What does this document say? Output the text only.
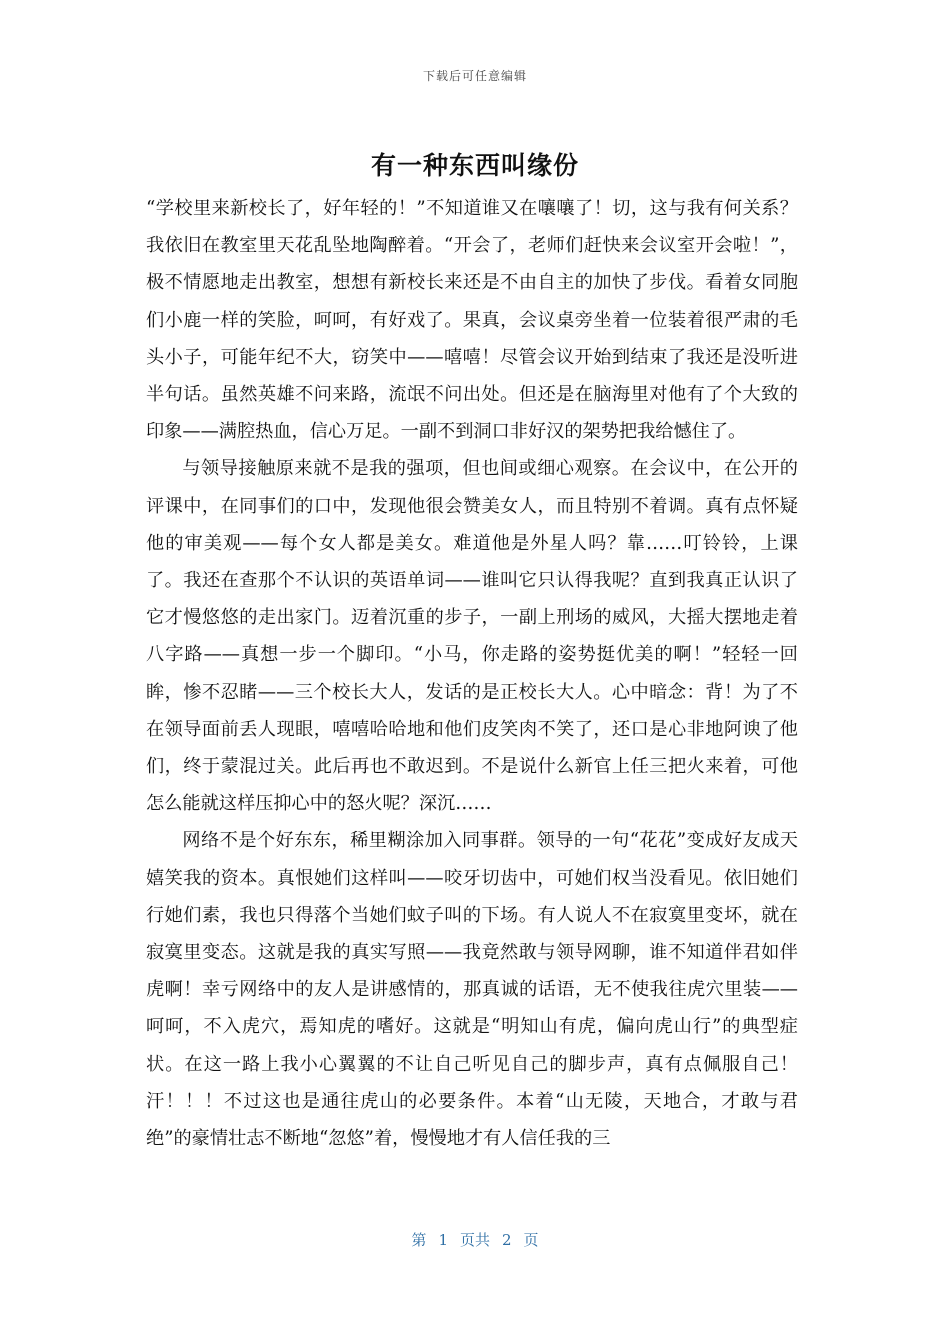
下载后可任意编辑
有一种东西叫缘份

“学校里来新校长了，好年轻的！”不知道谁又在嚷嚷了！切，这与我有何关系？我依旧在教室里天花乱坠地陶醉着。“开会了，老师们赶快来会议室开会啦！”，极不情愿地走出教室，想想有新校长来还是不由自主的加快了步伐。看着女同胞们小鹿一样的笑脸，呵呵，有好戏了。果真，会议桌旁坐着一位装着很严肃的毛头小子，可能年纪不大，窃笑中——嘻嘻！尽管会议开始到结束了我还是没听进半句话。虽然英雄不问来路，流氓不问出处。但还是在脑海里对他有了个大致的印象——满腔热血，信心万足。一副不到洞口非好汉的架势把我给憾住了。

与领导接触原来就不是我的强项，但也间或细心观察。在会议中，在公开的评课中，在同事们的口中，发现他很会赞美女人，而且特别不着调。真有点怀疑他的审美观——每个女人都是美女。难道他是外星人吗？靠……叮铃铃，上课了。我还在查那个不认识的英语单词——谁叫它只认得我呢？直到我真正认识了它才慢悠悠的走出家门。迈着沉重的步子，一副上刑场的威风，大摇大摆地走着八字路——真想一步一个脚印。“小马，你走路的姿势挺优美的啊！”轻轻一回眸，惨不忍睹——三个校长大人，发话的是正校长大人。心中暗念：背！为了不在领导面前丢人现眼，嘻嘻哈哈地和他们皮笑肉不笑了，还口是心非地阿谀了他们，终于蒙混过关。此后再也不敢迟到。不是说什么新官上任三把火来着，可他怎么能就这样压抑心中的怒火呢？深沉……

网络不是个好东东，稀里糊涂加入同事群。领导的一句“花花”变成好友成天嬉笑我的资本。真恨她们这样叫——咬牙切齿中，可她们权当没看见。依旧她们行她们素，我也只得落个当她们蚊子叫的下场。有人说人不在寂寞里变坏，就在寂寞里变态。这就是我的真实写照——我竟然敢与领导网聊，谁不知道伴君如伴虎啊！幸亏网络中的友人是讲感情的，那真诚的话语，无不使我往虎穴里装——呵呵，不入虎穴，焉知虎的嗜好。这就是“明知山有虎，偏向虎山行”的典型症状。在这一路上我小心翼翼的不让自己听见自己的脚步声，真有点佩服自己！汗！！！不过这也是通往虎山的必要条件。本着“山无陵，天地合，才敢与君绝”的豪情壮志不断地“忽悠”着，慢慢地才有人信任我的三

第 1 页共 2 页
